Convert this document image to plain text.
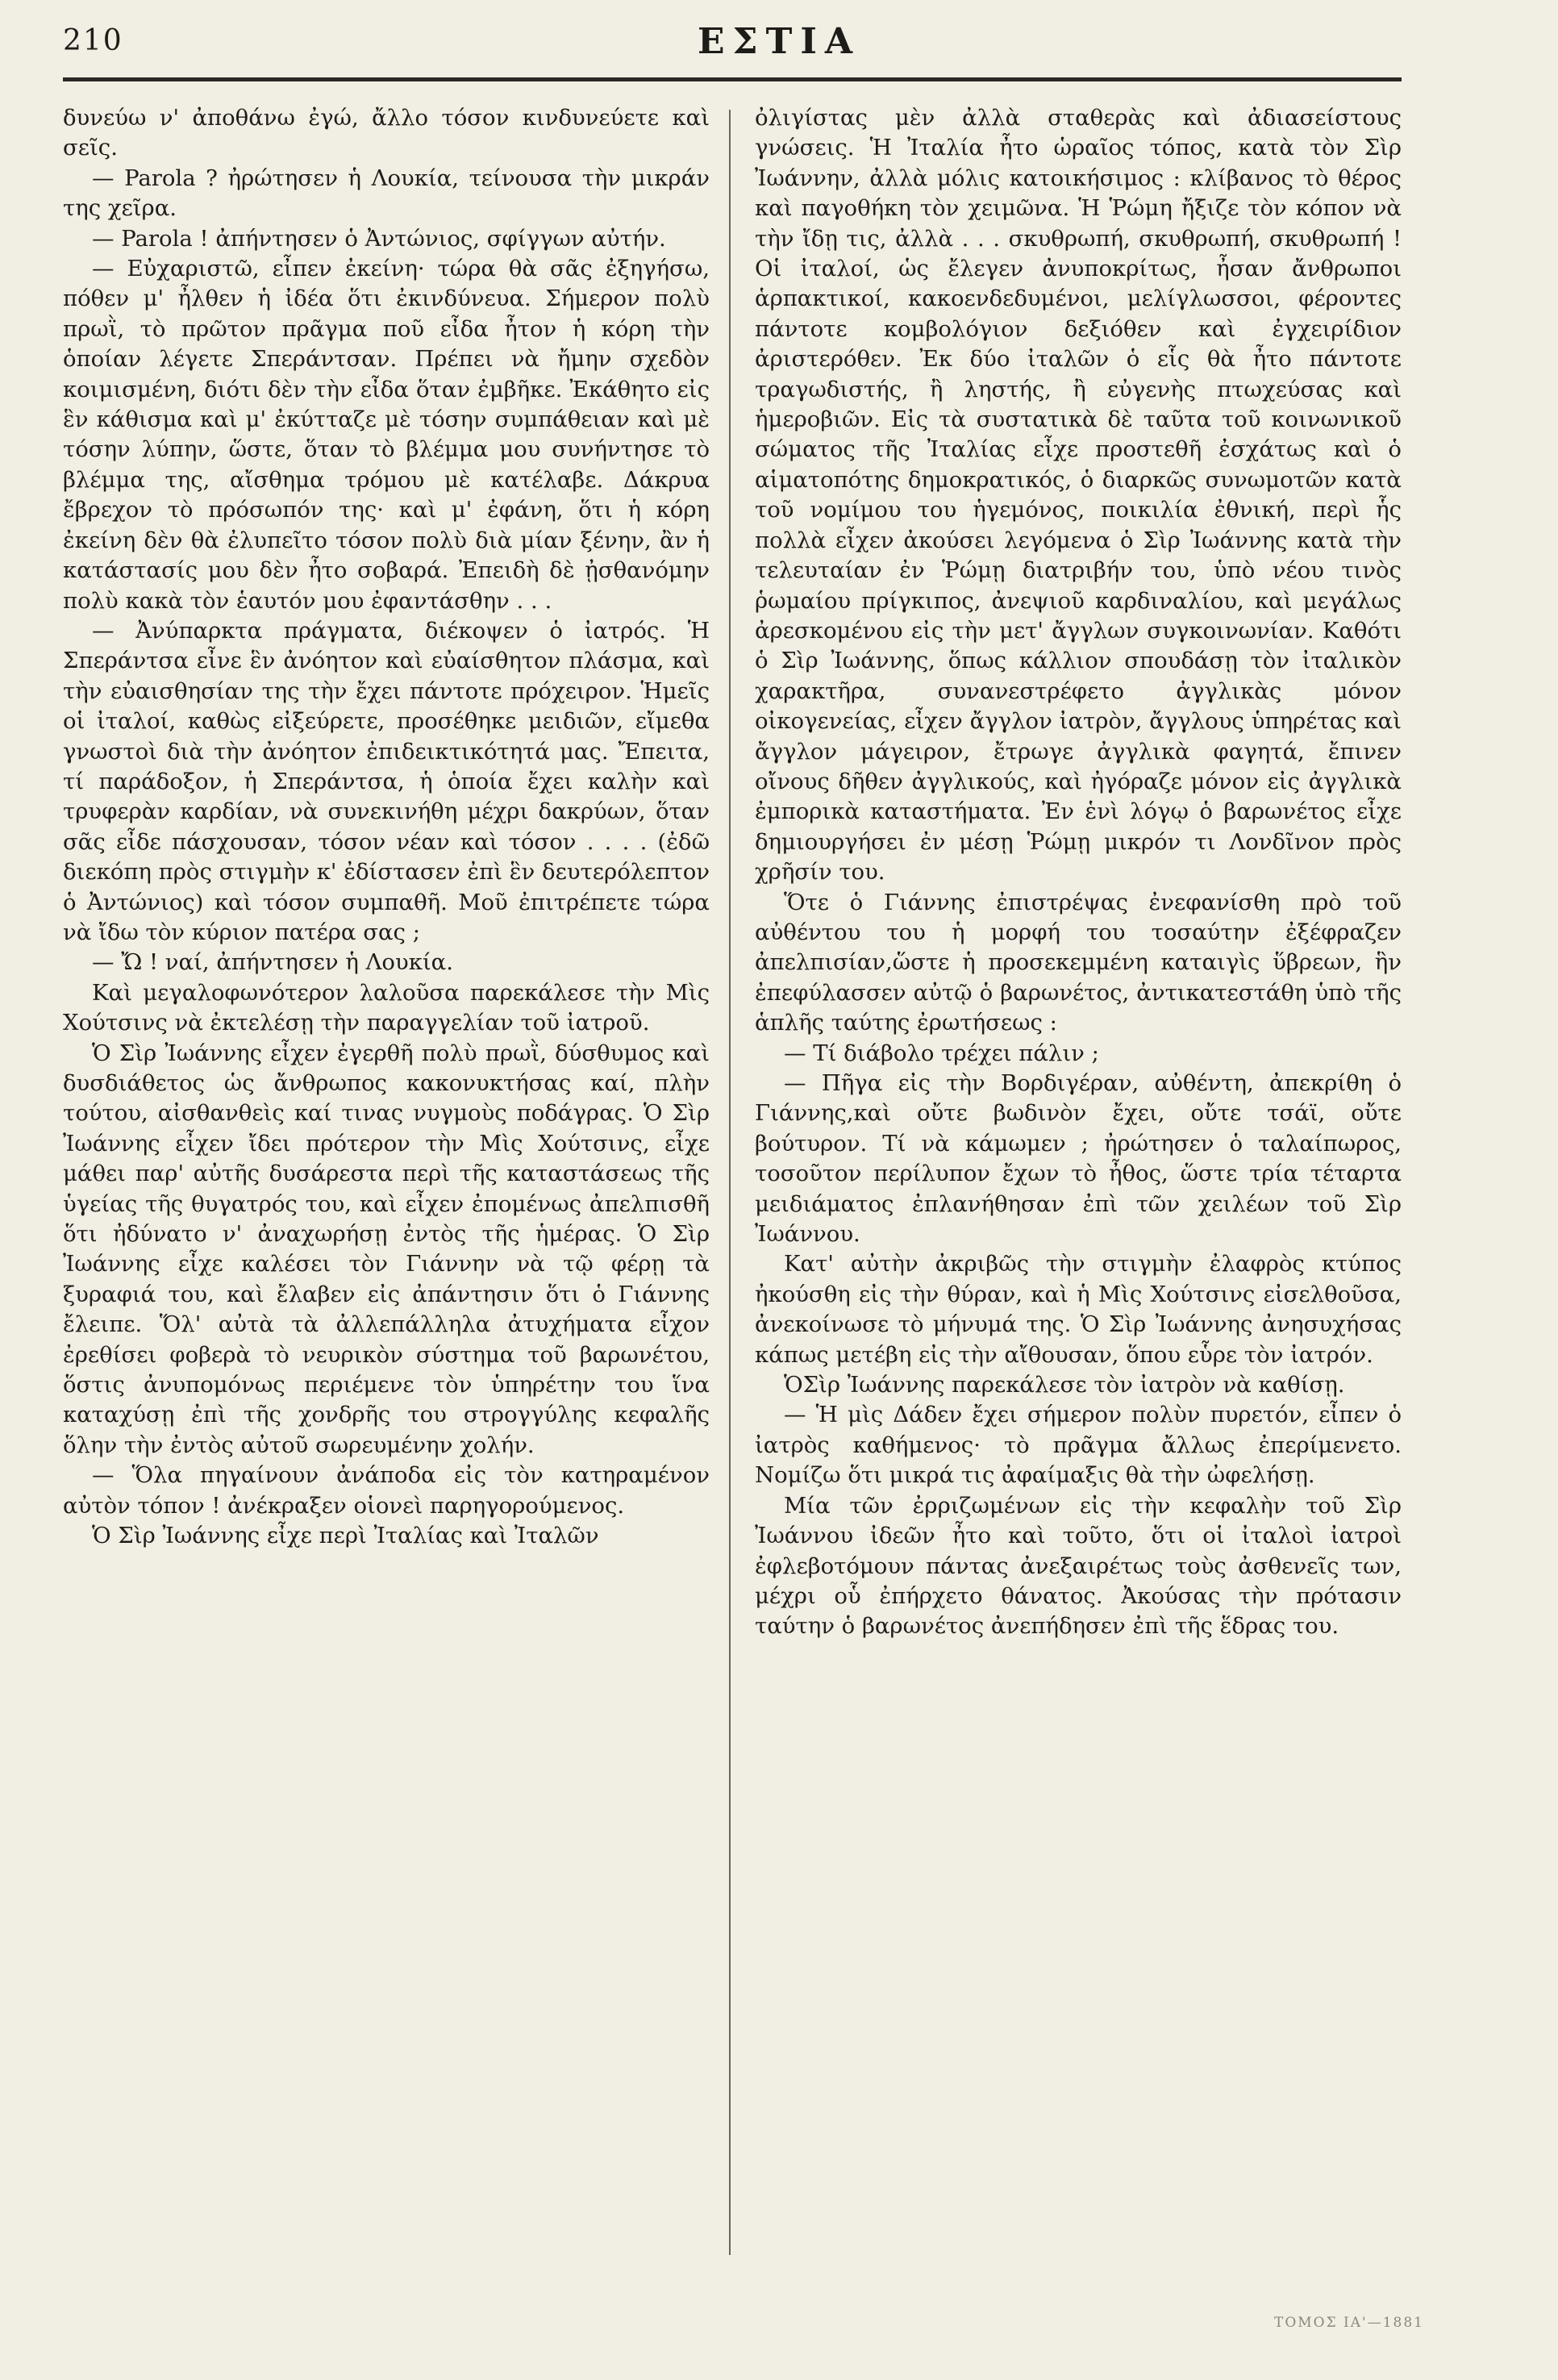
210	ΕΣΤΙΑ

δυνεύω ν' ἀποθάνω ἐγώ, ἄλλο τόσον κινδυνεύετε καὶ σεῖς.

— Parola ? ἠρώτησεν ἡ Λουκία, τείνουσα τὴν μικράν της χεῖρα.

— Parola ! ἀπήντησεν ὁ Ἀντώνιος, σφίγγων αὐτήν.

— Εὐχαριστῶ, εἶπεν ἐκείνη· τώρα θὰ σᾶς ἐξηγήσω, πόθεν μ' ἦλθεν ἡ ἰδέα ὅτι ἐκινδύνευα. Σήμερον πολὺ πρωῒ, τὸ πρῶτον πρᾶγμα ποῦ εἶδα ἦτον ἡ κόρη τὴν ὁποίαν λέγετε Σπεράντσαν. Πρέπει νὰ ἤμην σχεδὸν κοιμισμένη, διότι δὲν τὴν εἶδα ὅταν ἐμβῆκε. Ἐκάθητο εἰς ἓν κάθισμα καὶ μ' ἐκύτταζε μὲ τόσην συμπάθειαν καὶ μὲ τόσην λύπην, ὥστε, ὅταν τὸ βλέμμα μου συνήντησε τὸ βλέμμα της, αἴσθημα τρόμου μὲ κατέλαβε. Δάκρυα ἔβρεχον τὸ πρόσωπόν της· καὶ μ' ἐφάνη, ὅτι ἡ κόρη ἐκείνη δὲν θὰ ἐλυπεῖτο τόσον πολὺ διὰ μίαν ξένην, ἂν ἡ κατάστασίς μου δὲν ἦτο σοβαρά. Ἐπειδὴ δὲ ᾐσθανόμην πολὺ κακὰ τὸν ἑαυτόν μου ἐφαντάσθην . . .

— Ἀνύπαρκτα πράγματα, διέκοψεν ὁ ἰατρός. Ἡ Σπεράντσα εἶνε ἓν ἀνόητον καὶ εὐαίσθητον πλάσμα, καὶ τὴν εὐαισθησίαν της τὴν ἔχει πάντοτε πρόχειρον. Ἡμεῖς οἱ ἰταλοί, καθὼς εἰξεύρετε, προσέθηκε μειδιῶν, εἴμεθα γνωστοὶ διὰ τὴν ἀνόητον ἐπιδεικτικότητά μας. Ἔπειτα, τί παράδοξον, ἡ Σπεράντσα, ἡ ὁποία ἔχει καλὴν καὶ τρυφερὰν καρδίαν, νὰ συνεκινήθη μέχρι δακρύων, ὅταν σᾶς εἶδε πάσχουσαν, τόσον νέαν καὶ τόσον . . . . (ἐδῶ διεκόπη πρὸς στιγμὴν κ' ἐδίστασεν ἐπὶ ἓν δευτερόλεπτον ὁ Ἀντώνιος) καὶ τόσον συμπαθῆ. Μοῦ ἐπιτρέπετε τώρα νὰ ἴδω τὸν κύριον πατέρα σας ;

— Ὤ ! ναί, ἀπήντησεν ἡ Λουκία.

Καὶ μεγαλοφωνότερον λαλοῦσα παρεκάλεσε τὴν Μὶς Χούτσινς νὰ ἐκτελέσῃ τὴν παραγγελίαν τοῦ ἰατροῦ.

Ὁ Σὶρ Ἰωάννης εἶχεν ἐγερθῆ πολὺ πρωῒ, δύσθυμος καὶ δυσδιάθετος ὡς ἄνθρωπος κακονυκτήσας καί, πλὴν τούτου, αἰσθανθεὶς καί τινας νυγμοὺς ποδάγρας. Ὁ Σὶρ Ἰωάννης εἶχεν ἴδει πρότερον τὴν Μὶς Χούτσινς, εἶχε μάθει παρ' αὐτῆς δυσάρεστα περὶ τῆς καταστάσεως τῆς ὑγείας τῆς θυγατρός του, καὶ εἶχεν ἐπομένως ἀπελπισθῆ ὅτι ἠδύνατο ν' ἀναχωρήσῃ ἐντὸς τῆς ἡμέρας. Ὁ Σὶρ Ἰωάννης εἶχε καλέσει τὸν Γιάννην νὰ τῷ φέρῃ τὰ ξυραφιά του, καὶ ἔλαβεν εἰς ἀπάντησιν ὅτι ὁ Γιάννης ἔλειπε. Ὅλ' αὐτὰ τὰ ἀλλεπάλληλα ἀτυχήματα εἶχον ἐρεθίσει φοβερὰ τὸ νευρικὸν σύστημα τοῦ βαρωνέτου, ὅστις ἀνυπομόνως περιέμενε τὸν ὑπηρέτην του ἵνα καταχύσῃ ἐπὶ τῆς χονδρῆς του στρογγύλης κεφαλῆς ὅλην τὴν ἐντὸς αὐτοῦ σωρευμένην χολήν.

— Ὅλα πηγαίνουν ἀνάποδα εἰς τὸν κατηραμένον αὐτὸν τόπον ! ἀνέκραξεν οἱονεὶ παρηγορούμενος.

Ὁ Σὶρ Ἰωάννης εἶχε περὶ Ἰταλίας καὶ Ἰταλῶν

ὀλιγίστας μὲν ἀλλὰ σταθερὰς καὶ ἀδιασείστους γνώσεις. Ἡ Ἰταλία ἦτο ὡραῖος τόπος, κατὰ τὸν Σὶρ Ἰωάννην, ἀλλὰ μόλις κατοικήσιμος : κλίβανος τὸ θέρος καὶ παγοθήκη τὸν χειμῶνα. Ἡ Ῥώμη ἤξιζε τὸν κόπον νὰ τὴν ἴδῃ τις, ἀλλὰ . . . σκυθρωπή, σκυθρωπή, σκυθρωπή ! Οἱ ἰταλοί, ὡς ἔλεγεν ἀνυποκρίτως, ἦσαν ἄνθρωποι ἁρπακτικοί, κακοενδεδυμένοι, μελίγλωσσοι, φέροντες πάντοτε κομβολόγιον δεξιόθεν καὶ ἐγχειρίδιον ἀριστερόθεν. Ἐκ δύο ἰταλῶν ὁ εἷς θὰ ἦτο πάντοτε τραγωδιστής, ἢ ληστής, ἢ εὐγενὴς πτωχεύσας καὶ ἡμεροβιῶν. Εἰς τὰ συστατικὰ δὲ ταῦτα τοῦ κοινωνικοῦ σώματος τῆς Ἰταλίας εἶχε προστεθῆ ἐσχάτως καὶ ὁ αἱματοπότης δημοκρατικός, ὁ διαρκῶς συνωμοτῶν κατὰ τοῦ νομίμου του ἡγεμόνος, ποικιλία ἐθνική, περὶ ἧς πολλὰ εἶχεν ἀκούσει λεγόμενα ὁ Σὶρ Ἰωάννης κατὰ τὴν τελευταίαν ἐν Ῥώμῃ διατριβήν του, ὑπὸ νέου τινὸς ῥωμαίου πρίγκιπος, ἀνεψιοῦ καρδιναλίου, καὶ μεγάλως ἀρεσκομένου εἰς τὴν μετ' ἄγγλων συγκοινωνίαν. Καθότι ὁ Σὶρ Ἰωάννης, ὅπως κάλλιον σπουδάσῃ τὸν ἰταλικὸν χαρακτῆρα, συνανεστρέφετο ἀγγλικὰς μόνον οἰκογενείας, εἶχεν ἄγγλον ἰατρὸν, ἄγγλους ὑπηρέτας καὶ ἄγγλον μάγειρον, ἔτρωγε ἀγγλικὰ φαγητά, ἔπινεν οἴνους δῆθεν ἀγγλικούς, καὶ ἠγόραζε μόνον εἰς ἀγγλικὰ ἐμπορικὰ καταστήματα. Ἐν ἑνὶ λόγῳ ὁ βαρωνέτος εἶχε δημιουργήσει ἐν μέσῃ Ῥώμῃ μικρόν τι Λονδῖνον πρὸς χρῆσίν του.

Ὅτε ὁ Γιάννης ἐπιστρέψας ἐνεφανίσθη πρὸ τοῦ αὐθέντου του ἡ μορφή του τοσαύτην ἐξέφραζεν ἀπελπισίαν,ὥστε ἡ προσεκεμμένη καταιγὶς ὕβρεων, ἣν ἐπεφύλασσεν αὐτῷ ὁ βαρωνέτος, ἀντικατεστάθη ὑπὸ τῆς ἁπλῆς ταύτης ἐρωτήσεως :

— Τί διάβολο τρέχει πάλιν ;

— Πῆγα εἰς τὴν Βορδιγέραν, αὐθέντη, ἀπεκρίθη ὁ Γιάννης,καὶ οὔτε βωδινὸν ἔχει, οὔτε τσάϊ, οὔτε βούτυρον. Τί νὰ κάμωμεν ; ἠρώτησεν ὁ ταλαίπωρος, τοσοῦτον περίλυπον ἔχων τὸ ἦθος, ὥστε τρία τέταρτα μειδιάματος ἐπλανήθησαν ἐπὶ τῶν χειλέων τοῦ Σὶρ Ἰωάννου.

Κατ' αὐτὴν ἀκριβῶς τὴν στιγμὴν ἐλαφρὸς κτύπος ἠκούσθη εἰς τὴν θύραν, καὶ ἡ Μὶς Χούτσινς εἰσελθοῦσα, ἀνεκοίνωσε τὸ μήνυμά της. Ὁ Σὶρ Ἰωάννης ἀνησυχήσας κάπως μετέβη εἰς τὴν αἴθουσαν, ὅπου εὗρε τὸν ἰατρόν.

ὉΣὶρ Ἰωάννης παρεκάλεσε τὸν ἰατρὸν νὰ καθίσῃ.

— Ἡ μὶς Δάδεν ἔχει σήμερον πολὺν πυρετόν, εἶπεν ὁ ἰατρὸς καθήμενος· τὸ πρᾶγμα ἄλλως ἐπερίμενετο. Νομίζω ὅτι μικρά τις ἀφαίμαξις θὰ τὴν ὠφελήσῃ.

Μία τῶν ἐρριζωμένων εἰς τὴν κεφαλὴν τοῦ Σὶρ Ἰωάννου ἰδεῶν ἦτο καὶ τοῦτο, ὅτι οἱ ἰταλοὶ ἰατροὶ ἐφλεβοτόμουν πάντας ἀνεξαιρέτως τοὺς ἀσθενεῖς των, μέχρι οὗ ἐπήρχετο θάνατος. Ἀκούσας τὴν πρότασιν ταύτην ὁ βαρωνέτος ἀνεπήδησεν ἐπὶ τῆς ἕδρας του.

ΤΟΜΟΣ ΙΑ'—1881
